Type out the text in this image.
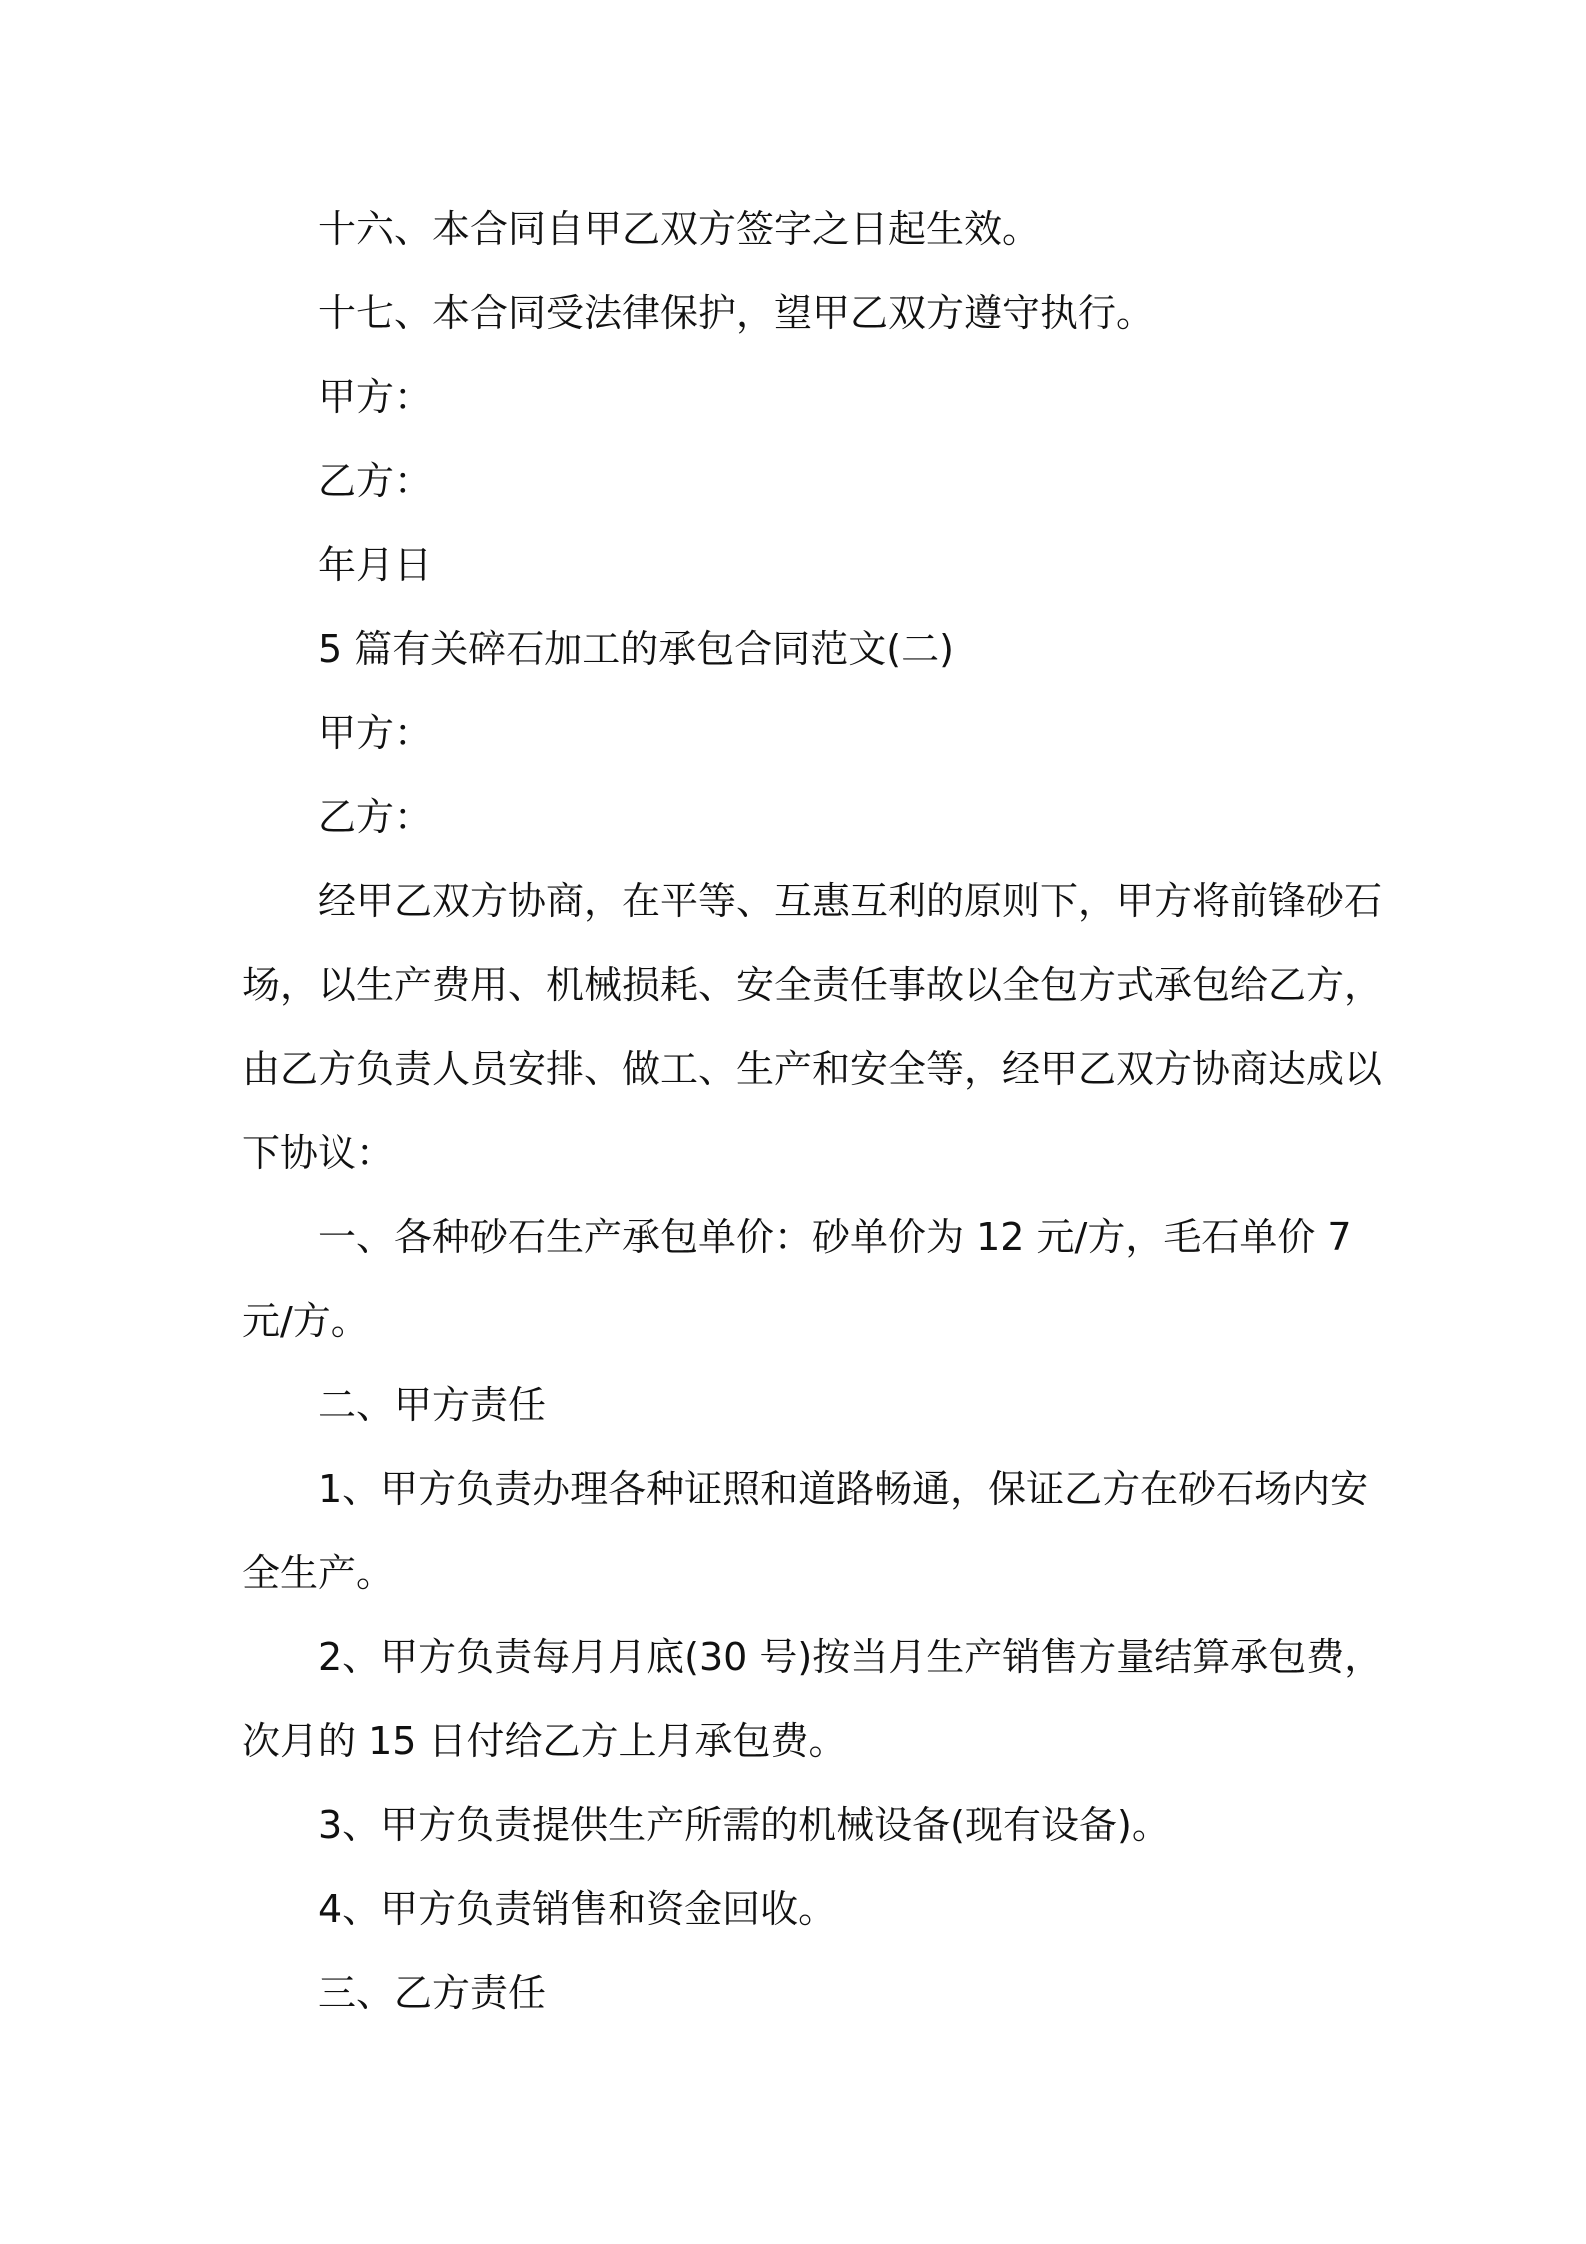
十六、本合同自甲乙双方签字之日起生效。
十七、本合同受法律保护，望甲乙双方遵守执行。
甲方：
乙方：
年月日
5 篇有关碎石加工的承包合同范文(二)
甲方：
乙方：
经甲乙双方协商，在平等、互惠互利的原则下，甲方将前锋砂石
场，以生产费用、机械损耗、安全责任事故以全包方式承包给乙方，
由乙方负责人员安排、做工、生产和安全等，经甲乙双方协商达成以
下协议：
一、各种砂石生产承包单价：砂单价为 12 元/方，毛石单价 7
元/方。
二、甲方责任
1、甲方负责办理各种证照和道路畅通，保证乙方在砂石场内安
全生产。
2、甲方负责每月月底(30 号)按当月生产销售方量结算承包费，
次月的 15 日付给乙方上月承包费。
3、甲方负责提供生产所需的机械设备(现有设备)。
4、甲方负责销售和资金回收。
三、乙方责任
